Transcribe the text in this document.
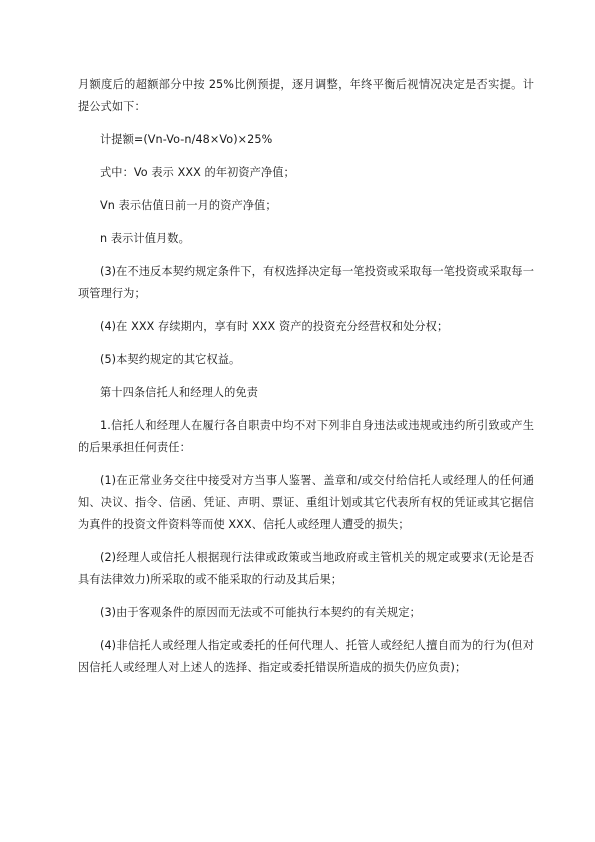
月额度后的超额部分中按 25%比例预提，逐月调整，年终平衡后视情况决定是否实提。计提公式如下：

计提额=(Vn-Vo-n/48×Vo)×25%

式中：Vo 表示 XXX 的年初资产净值；

Vn 表示估值日前一月的资产净值；

n 表示计值月数。

(3)在不违反本契约规定条件下，有权选择决定每一笔投资或采取每一笔投资或采取每一项管理行为；

(4)在 XXX 存续期内，享有时 XXX 资产的投资充分经营权和处分权；

(5)本契约规定的其它权益。

第十四条信托人和经理人的免责

1.信托人和经理人在履行各自职责中均不对下列非自身违法或违规或违约所引致或产生的后果承担任何责任：

(1)在正常业务交往中接受对方当事人鉴署、盖章和/或交付给信托人或经理人的任何通知、决议、指令、信函、凭证、声明、票证、重组计划或其它代表所有权的凭证或其它据信为真件的投资文件资料等而使 XXX、信托人或经理人遭受的损失；

(2)经理人或信托人根据现行法律或政策或当地政府或主管机关的规定或要求(无论是否具有法律效力)所采取的或不能采取的行动及其后果；

(3)由于客观条件的原因而无法或不可能执行本契约的有关规定；

(4)非信托人或经理人指定或委托的任何代理人、托管人或经纪人擅自而为的行为(但对因信托人或经理人对上述人的选择、指定或委托错误所造成的损失仍应负责)；
